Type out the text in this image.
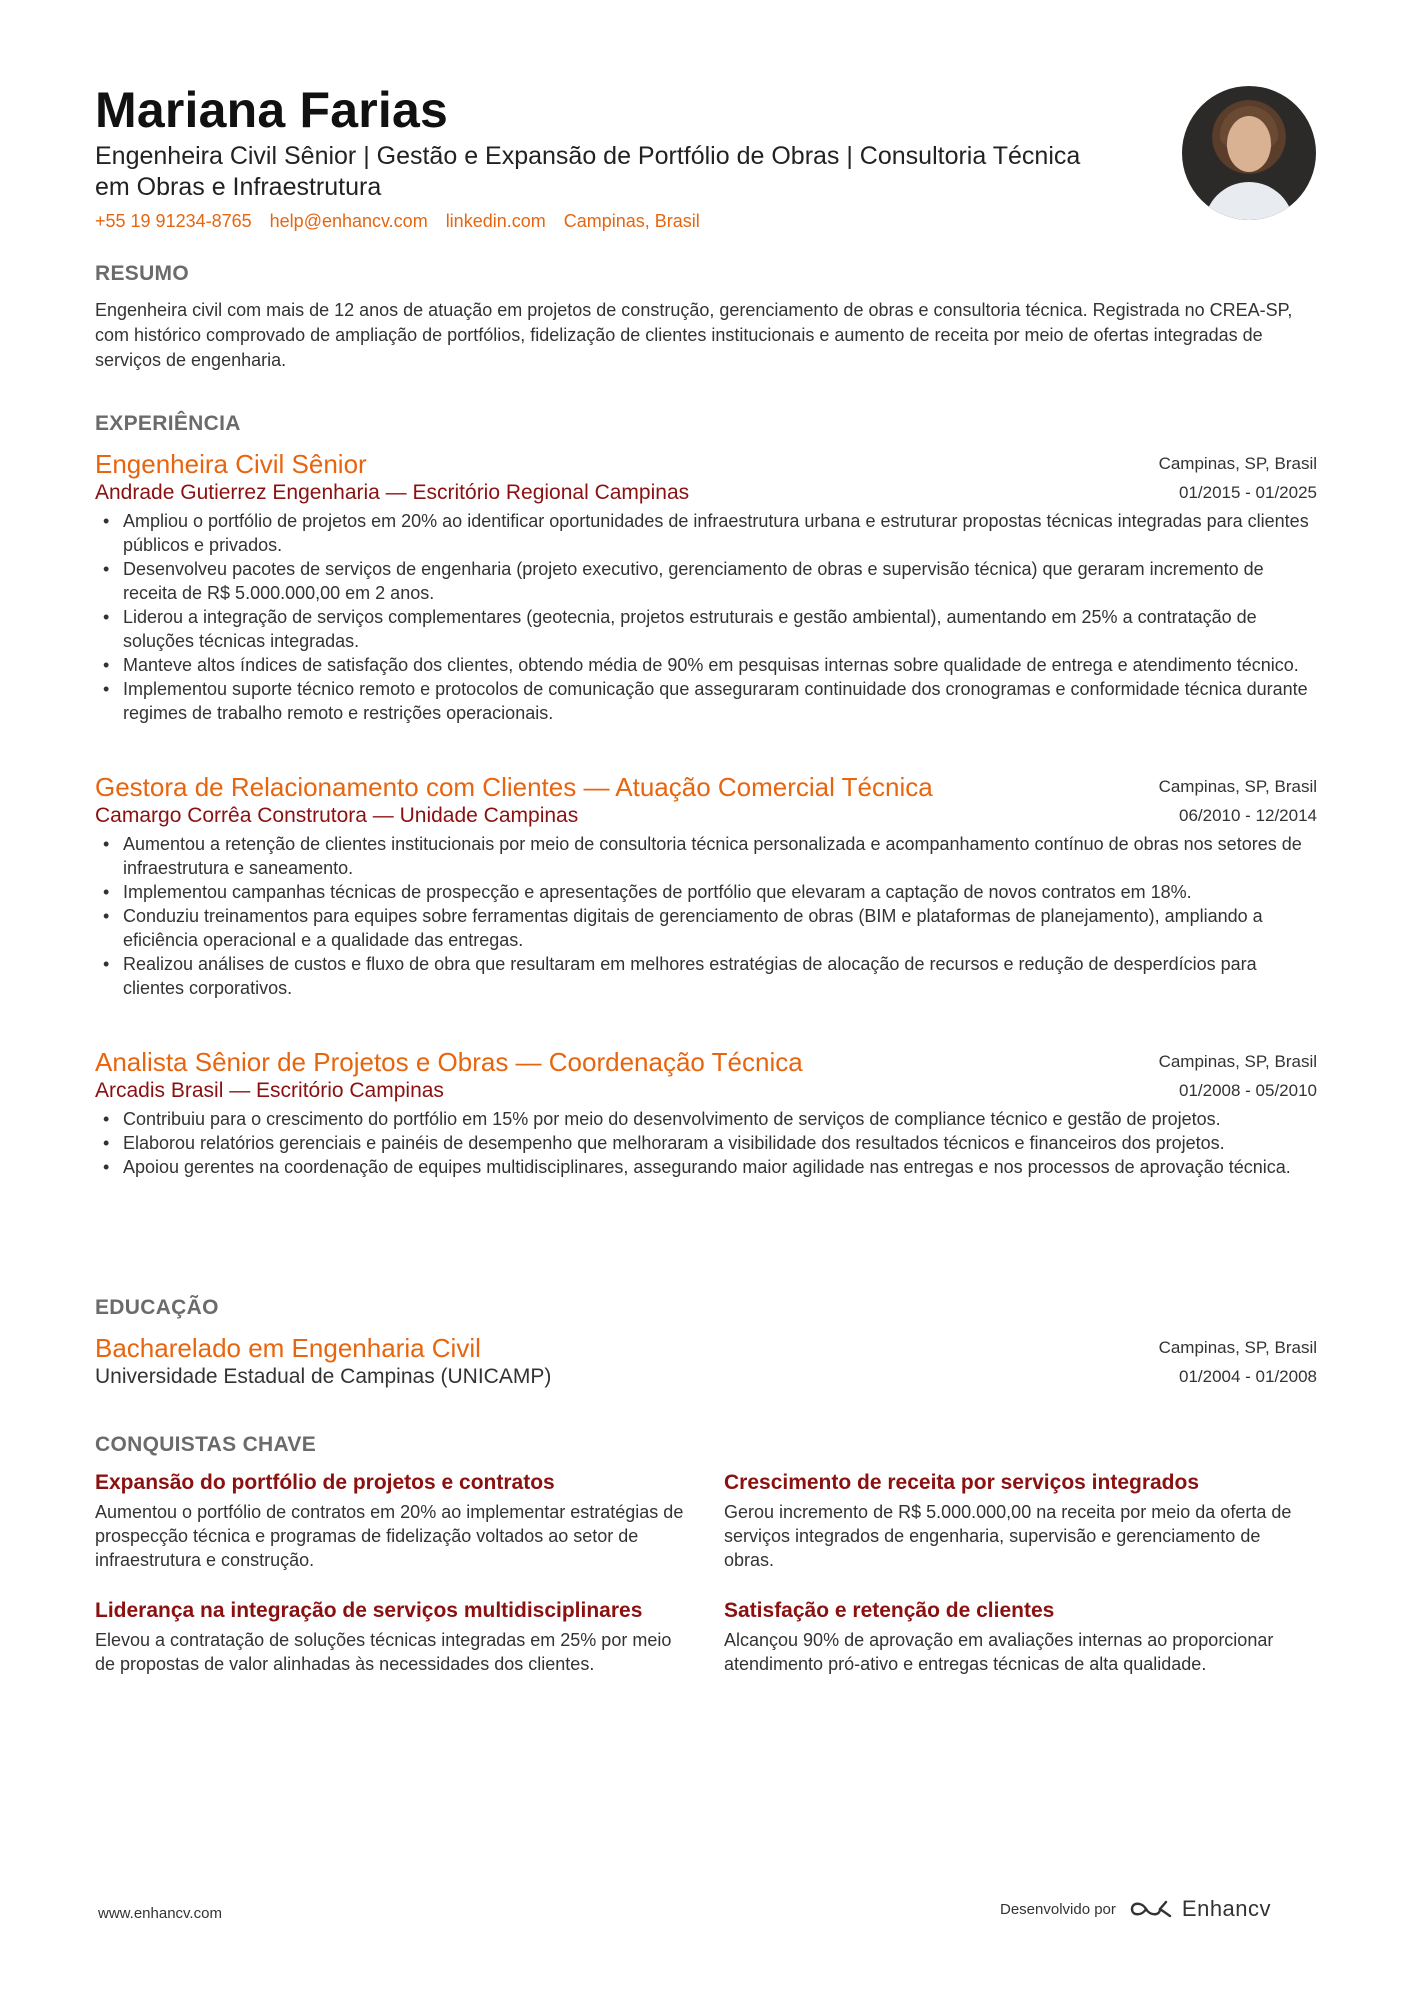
Mariana Farias
Engenheira Civil Sênior | Gestão e Expansão de Portfólio de Obras | Consultoria Técnica em Obras e Infraestrutura
+55 19 91234-8765 help@enhancv.com linkedin.com Campinas, Brasil
RESUMO
Engenheira civil com mais de 12 anos de atuação em projetos de construção, gerenciamento de obras e consultoria técnica. Registrada no CREA-SP, com histórico comprovado de ampliação de portfólios, fidelização de clientes institucionais e aumento de receita por meio de ofertas integradas de serviços de engenharia.
EXPERIÊNCIA
Engenheira Civil Sênior
Andrade Gutierrez Engenharia — Escritório Regional Campinas
Campinas, SP, Brasil
01/2015 - 01/2025
• Ampliou o portfólio de projetos em 20% ao identificar oportunidades de infraestrutura urbana e estruturar propostas técnicas integradas para clientes públicos e privados.
• Desenvolveu pacotes de serviços de engenharia (projeto executivo, gerenciamento de obras e supervisão técnica) que geraram incremento de receita de R$ 5.000.000,00 em 2 anos.
• Liderou a integração de serviços complementares (geotecnia, projetos estruturais e gestão ambiental), aumentando em 25% a contratação de soluções técnicas integradas.
• Manteve altos índices de satisfação dos clientes, obtendo média de 90% em pesquisas internas sobre qualidade de entrega e atendimento técnico.
• Implementou suporte técnico remoto e protocolos de comunicação que asseguraram continuidade dos cronogramas e conformidade técnica durante regimes de trabalho remoto e restrições operacionais.
Gestora de Relacionamento com Clientes — Atuação Comercial Técnica
Camargo Corrêa Construtora — Unidade Campinas
Campinas, SP, Brasil
06/2010 - 12/2014
• Aumentou a retenção de clientes institucionais por meio de consultoria técnica personalizada e acompanhamento contínuo de obras nos setores de infraestrutura e saneamento.
• Implementou campanhas técnicas de prospecção e apresentações de portfólio que elevaram a captação de novos contratos em 18%.
• Conduziu treinamentos para equipes sobre ferramentas digitais de gerenciamento de obras (BIM e plataformas de planejamento), ampliando a eficiência operacional e a qualidade das entregas.
• Realizou análises de custos e fluxo de obra que resultaram em melhores estratégias de alocação de recursos e redução de desperdícios para clientes corporativos.
Analista Sênior de Projetos e Obras — Coordenação Técnica
Arcadis Brasil — Escritório Campinas
Campinas, SP, Brasil
01/2008 - 05/2010
• Contribuiu para o crescimento do portfólio em 15% por meio do desenvolvimento de serviços de compliance técnico e gestão de projetos.
• Elaborou relatórios gerenciais e painéis de desempenho que melhoraram a visibilidade dos resultados técnicos e financeiros dos projetos.
• Apoiou gerentes na coordenação de equipes multidisciplinares, assegurando maior agilidade nas entregas e nos processos de aprovação técnica.
EDUCAÇÃO
Bacharelado em Engenharia Civil
Universidade Estadual de Campinas (UNICAMP)
Campinas, SP, Brasil
01/2004 - 01/2008
CONQUISTAS CHAVE
Expansão do portfólio de projetos e contratos
Aumentou o portfólio de contratos em 20% ao implementar estratégias de prospecção técnica e programas de fidelização voltados ao setor de infraestrutura e construção.
Crescimento de receita por serviços integrados
Gerou incremento de R$ 5.000.000,00 na receita por meio da oferta de serviços integrados de engenharia, supervisão e gerenciamento de obras.
Liderança na integração de serviços multidisciplinares
Elevou a contratação de soluções técnicas integradas em 25% por meio de propostas de valor alinhadas às necessidades dos clientes.
Satisfação e retenção de clientes
Alcançou 90% de aprovação em avaliações internas ao proporcionar atendimento pró-ativo e entregas técnicas de alta qualidade.
www.enhancv.com	Desenvolvido por	Enhancv
